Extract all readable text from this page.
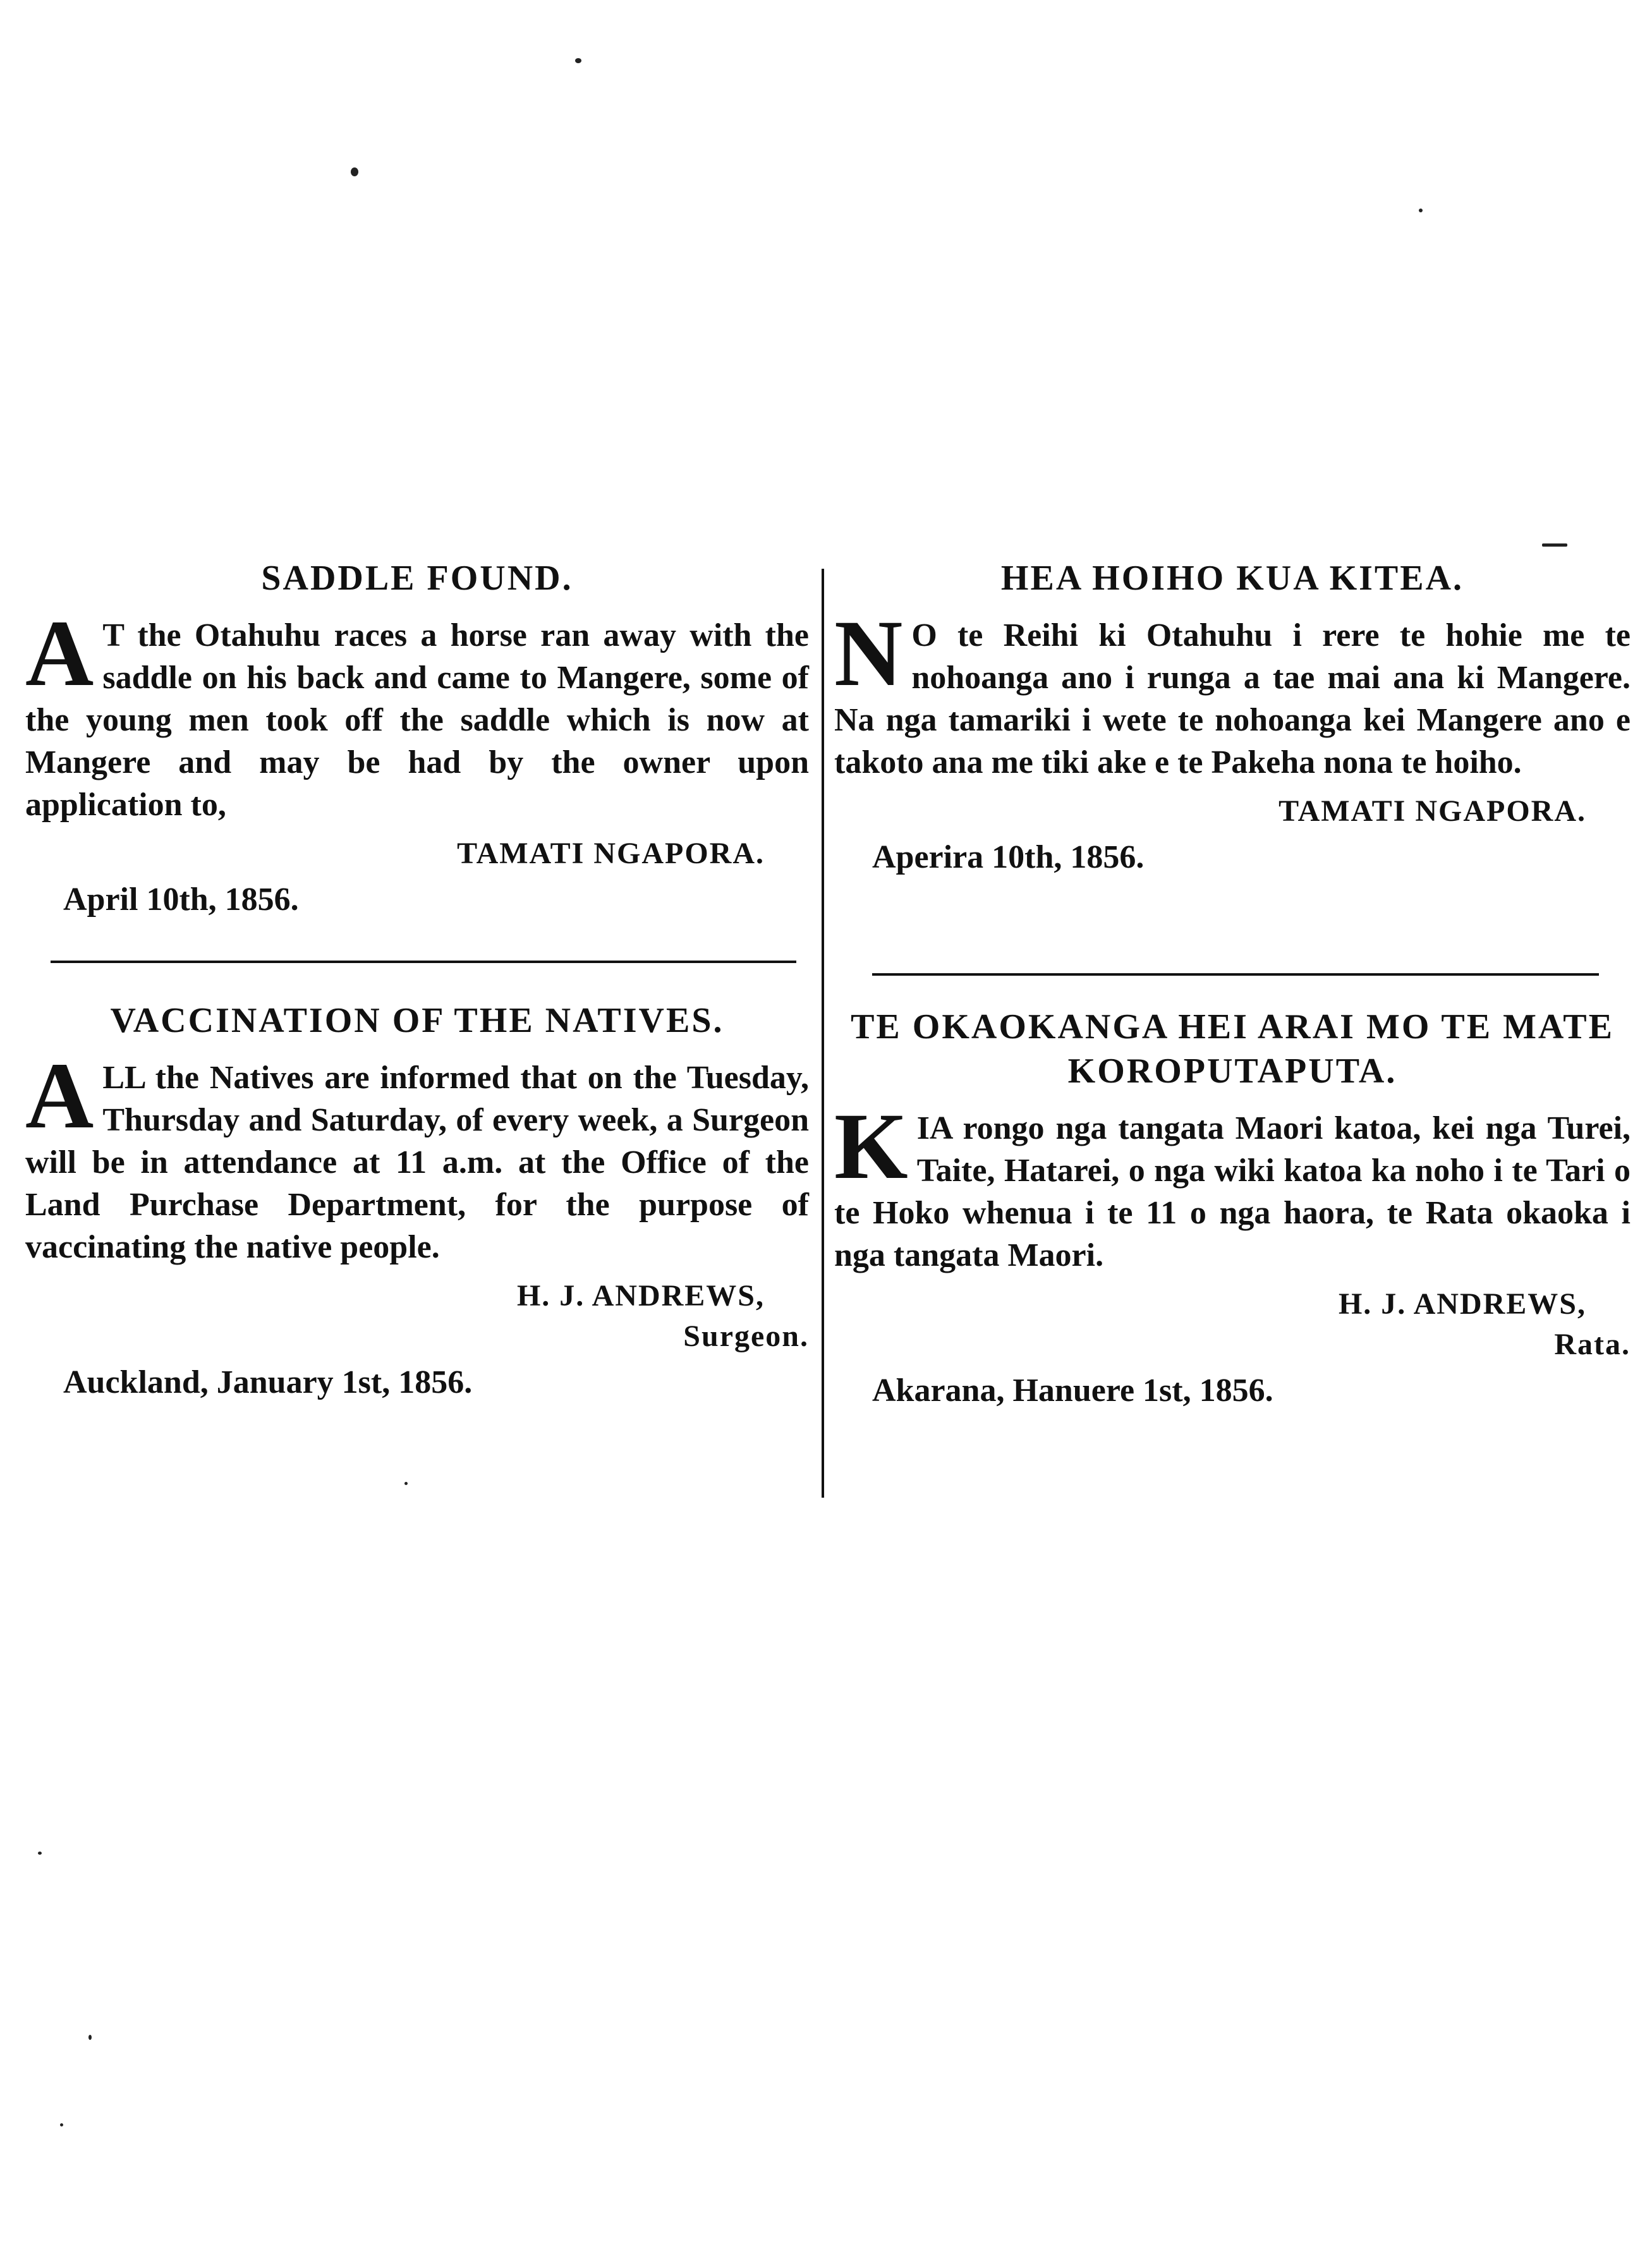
SADDLE FOUND.

A T the Otahuhu races a horse ran away with the saddle on his back and came to Mangere, some of the young men took off the saddle which is now at Mangere and may be had by the owner upon application to,

TAMATI NGAPORA.
April 10th, 1856.
VACCINATION OF THE NATIVES.

A LL the Natives are informed that on the Tuesday, Thursday and Saturday, of every week, a Surgeon will be in attendance at 11 a.m. at the Office of the Land Purchase Department, for the purpose of vaccinating the native people.

H. J. ANDREWS,
Surgeon.
Auckland, January 1st, 1856.
HEA HOIHO KUA KITEA.

N O te Reihi ki Otahuhu i rere te hohie me te nohoanga ano i runga a tae mai ana ki Mangere. Na nga tamariki i wete te nohoanga kei Mangere ano e takoto ana me tiki ake e te Pakeha nona te hoiho.

TAMATI NGAPORA.
Aperira 10th, 1856.
TE OKAOKANGA HEI ARAI MO TE MATE KOROPUTAPUTA.

K IA rongo nga tangata Maori katoa, kei nga Turei, Taite, Hatarei, o nga wiki katoa ka noho i te Tari o te Hoko whenua i te 11 o nga haora, te Rata okaoka i nga tangata Maori.

H. J. ANDREWS,
Rata.
Akarana, Hanuere 1st, 1856.
